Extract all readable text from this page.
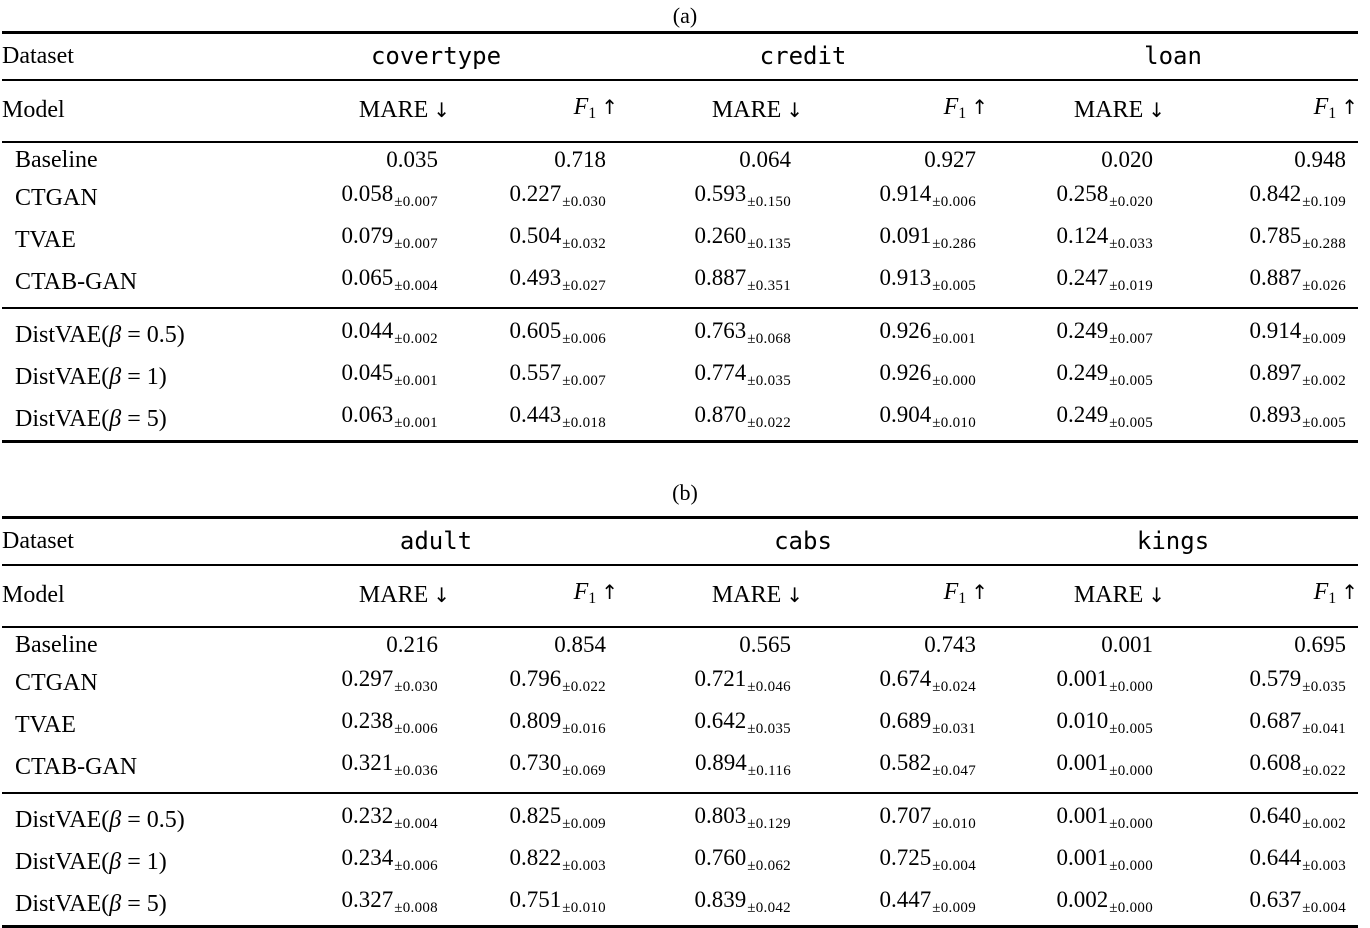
(a)
Dataset	covertype		credit		loan	
Model	MARE ↓	F1 ↑	MARE ↓	F1 ↑	MARE ↓	F1 ↑
Baseline	0.035	0.718	0.064	0.927	0.020	0.948
CTGAN	$0.058_{\pm 0.007}$	$0.227_{\pm 0.030}$	$0.593_{\pm 0.150}$	$0.914_{\pm 0.006}$	$0.258_{\pm 0.020}$	$0.842_{\pm 0.109}$
TVAE	$0.079_{\pm 0.007}$	$0.504_{\pm 0.032}$	$0.260_{\pm 0.135}$	$0.091_{\pm 0.286}$	$0.124_{\pm 0.033}$	$0.785_{\pm 0.288}$
CTAB-GAN	$0.065_{\pm 0.004}$	$0.493_{\pm 0.027}$	$0.887_{\pm 0.351}$	$0.913_{\pm 0.005}$	$0.247_{\pm 0.019}$	$0.887_{\pm 0.026}$
DistVAE(β = 0.5)	$0.044_{\pm 0.002}$	$0.605_{\pm 0.006}$	$0.763_{\pm 0.068}$	$0.926_{\pm 0.001}$	$0.249_{\pm 0.007}$	$0.914_{\pm 0.009}$
DistVAE(β = 1)	$0.045_{\pm 0.001}$	$0.557_{\pm 0.007}$	$0.774_{\pm 0.035}$	$0.926_{\pm 0.000}$	$0.249_{\pm 0.005}$	$0.897_{\pm 0.002}$
DistVAE(β = 5)	$0.063_{\pm 0.001}$	$0.443_{\pm 0.018}$	$0.870_{\pm 0.022}$	$0.904_{\pm 0.010}$	$0.249_{\pm 0.005}$	$0.893_{\pm 0.005}$
(b)
Dataset	adult		cabs		kings	
Model	MARE ↓	F1 ↑	MARE ↓	F1 ↑	MARE ↓	F1 ↑
Baseline	0.216	0.854	0.565	0.743	0.001	0.695
CTGAN	$0.297_{\pm 0.030}$	$0.796_{\pm 0.022}$	$0.721_{\pm 0.046}$	$0.674_{\pm 0.024}$	$0.001_{\pm 0.000}$	$0.579_{\pm 0.035}$
TVAE	$0.238_{\pm 0.006}$	$0.809_{\pm 0.016}$	$0.642_{\pm 0.035}$	$0.689_{\pm 0.031}$	$0.010_{\pm 0.005}$	$0.687_{\pm 0.041}$
CTAB-GAN	$0.321_{\pm 0.036}$	$0.730_{\pm 0.069}$	$0.894_{\pm 0.116}$	$0.582_{\pm 0.047}$	$0.001_{\pm 0.000}$	$0.608_{\pm 0.022}$
DistVAE(β = 0.5)	$0.232_{\pm 0.004}$	$0.825_{\pm 0.009}$	$0.803_{\pm 0.129}$	$0.707_{\pm 0.010}$	$0.001_{\pm 0.000}$	$0.640_{\pm 0.002}$
DistVAE(β = 1)	$0.234_{\pm 0.006}$	$0.822_{\pm 0.003}$	$0.760_{\pm 0.062}$	$0.725_{\pm 0.004}$	$0.001_{\pm 0.000}$	$0.644_{\pm 0.003}$
DistVAE(β = 5)	$0.327_{\pm 0.008}$	$0.751_{\pm 0.010}$	$0.839_{\pm 0.042}$	$0.447_{\pm 0.009}$	$0.002_{\pm 0.000}$	$0.637_{\pm 0.004}$
